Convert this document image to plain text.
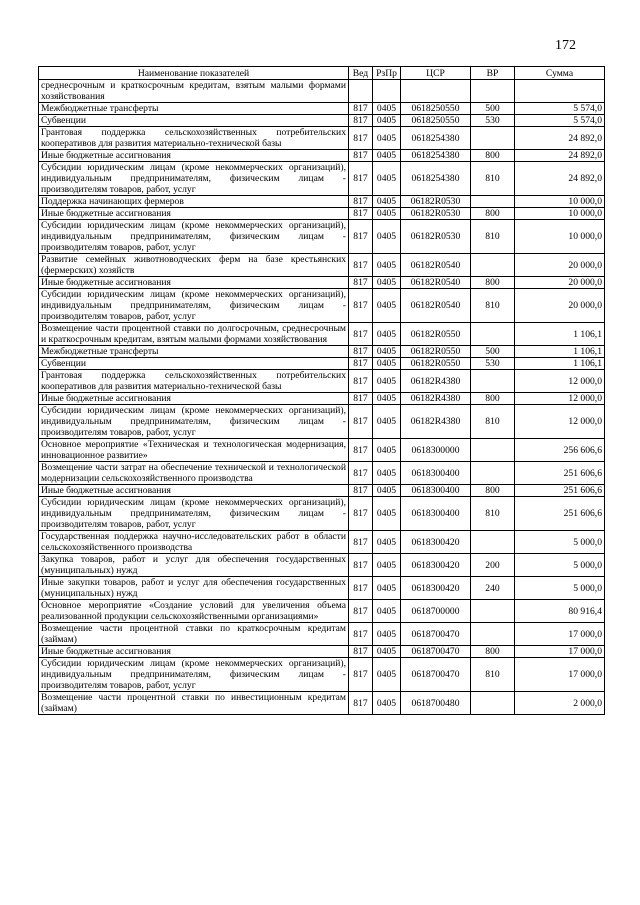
172
Наименование показателей	Вед	РзПр	ЦСР	ВР	Сумма
среднесрочным и краткосрочным кредитам, взятым малыми формами хозяйствования					
Межбюджетные трансферты	817	0405	0618250550	500	5 574,0
Субвенции	817	0405	0618250550	530	5 574,0
Грантовая поддержка сельскохозяйственных потребительских кооперативов для развития материально-технической базы	817	0405	0618254380		24 892,0
Иные бюджетные ассигнования	817	0405	0618254380	800	24 892,0
Субсидии юридическим лицам (кроме некоммерческих организаций), индивидуальным предпринимателям, физическим лицам - производителям товаров, работ, услуг	817	0405	0618254380	810	24 892,0
Поддержка начинающих фермеров	817	0405	06182R0530		10 000,0
Иные бюджетные ассигнования	817	0405	06182R0530	800	10 000,0
Субсидии юридическим лицам (кроме некоммерческих организаций), индивидуальным предпринимателям, физическим лицам - производителям товаров, работ, услуг	817	0405	06182R0530	810	10 000,0
Развитие семейных животноводческих ферм на базе крестьянских (фермерских) хозяйств	817	0405	06182R0540		20 000,0
Иные бюджетные ассигнования	817	0405	06182R0540	800	20 000,0
Субсидии юридическим лицам (кроме некоммерческих организаций), индивидуальным предпринимателям, физическим лицам - производителям товаров, работ, услуг	817	0405	06182R0540	810	20 000,0
Возмещение части процентной ставки по долгосрочным, среднесрочным и краткосрочным кредитам, взятым малыми формами хозяйствования	817	0405	06182R0550		1 106,1
Межбюджетные трансферты	817	0405	06182R0550	500	1 106,1
Субвенции	817	0405	06182R0550	530	1 106,1
Грантовая поддержка сельскохозяйственных потребительских кооперативов для развития материально-технической базы	817	0405	06182R4380		12 000,0
Иные бюджетные ассигнования	817	0405	06182R4380	800	12 000,0
Субсидии юридическим лицам (кроме некоммерческих организаций), индивидуальным предпринимателям, физическим лицам - производителям товаров, работ, услуг	817	0405	06182R4380	810	12 000,0
Основное мероприятие «Техническая и технологическая модернизация, инновационное развитие»	817	0405	0618300000		256 606,6
Возмещение части затрат на обеспечение технической и технологической модернизации сельскохозяйственного производства	817	0405	0618300400		251 606,6
Иные бюджетные ассигнования	817	0405	0618300400	800	251 606,6
Субсидии юридическим лицам (кроме некоммерческих организаций), индивидуальным предпринимателям, физическим лицам - производителям товаров, работ, услуг	817	0405	0618300400	810	251 606,6
Государственная поддержка научно-исследовательских работ в области сельскохозяйственного производства	817	0405	0618300420		5 000,0
Закупка товаров, работ и услуг для обеспечения государственных (муниципальных) нужд	817	0405	0618300420	200	5 000,0
Иные закупки товаров, работ и услуг для обеспечения государственных (муниципальных) нужд	817	0405	0618300420	240	5 000,0
Основное мероприятие «Создание условий для увеличения объема реализованной продукции сельскохозяйственными организациями»	817	0405	0618700000		80 916,4
Возмещение части процентной ставки по краткосрочным кредитам (займам)	817	0405	0618700470		17 000,0
Иные бюджетные ассигнования	817	0405	0618700470	800	17 000,0
Субсидии юридическим лицам (кроме некоммерческих организаций), индивидуальным предпринимателям, физическим лицам - производителям товаров, работ, услуг	817	0405	0618700470	810	17 000,0
Возмещение части процентной ставки по инвестиционным кредитам (займам)	817	0405	0618700480		2 000,0
